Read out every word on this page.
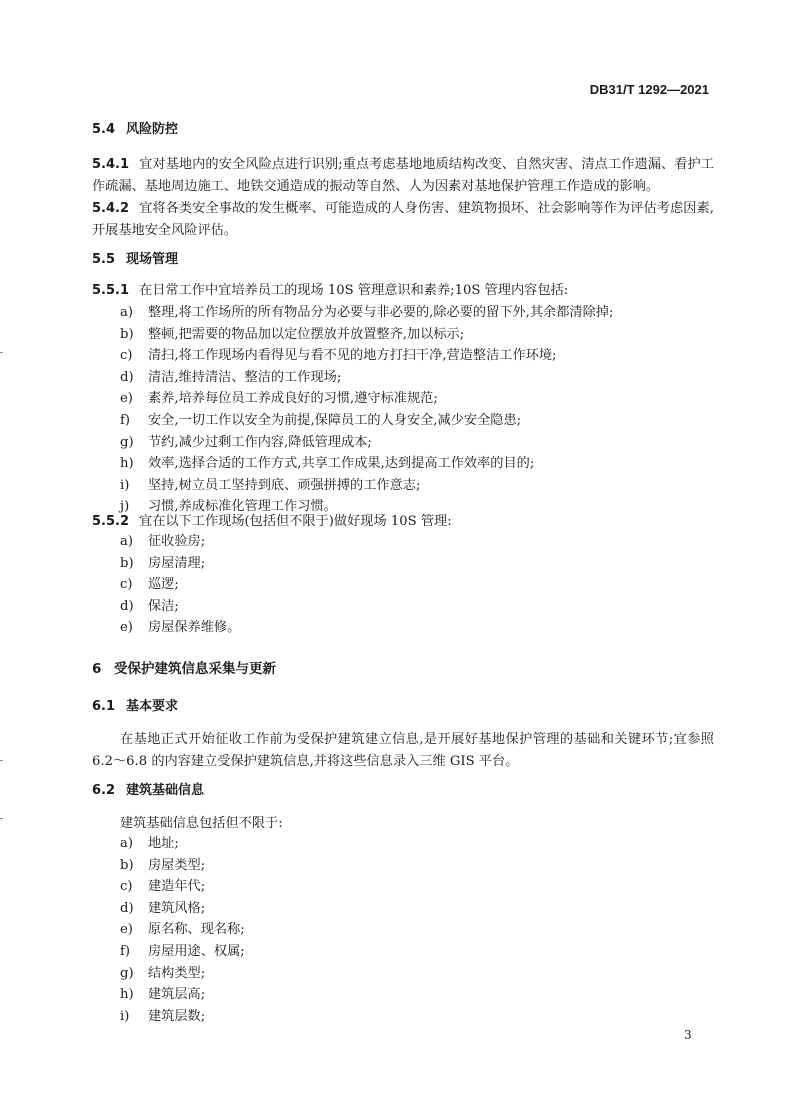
DB31/T 1292—2021
5.4 风险防控
5.4.1 宜对基地内的安全风险点进行识别;重点考虑基地地质结构改变、自然灾害、清点工作遗漏、看护工作疏漏、基地周边施工、地铁交通造成的振动等自然、人为因素对基地保护管理工作造成的影响。
5.4.2 宜将各类安全事故的发生概率、可能造成的人身伤害、建筑物损坏、社会影响等作为评估考虑因素,开展基地安全风险评估。
5.5 现场管理
5.5.1 在日常工作中宜培养员工的现场 10S 管理意识和素养;10S 管理内容包括:
a) 整理,将工作场所的所有物品分为必要与非必要的,除必要的留下外,其余都清除掉;
b) 整顿,把需要的物品加以定位摆放并放置整齐,加以标示;
c) 清扫,将工作现场内看得见与看不见的地方打扫干净,营造整洁工作环境;
d) 清洁,维持清洁、整洁的工作现场;
e) 素养,培养每位员工养成良好的习惯,遵守标准规范;
f) 安全,一切工作以安全为前提,保障员工的人身安全,减少安全隐患;
g) 节约,减少过剩工作内容,降低管理成本;
h) 效率,选择合适的工作方式,共享工作成果,达到提高工作效率的目的;
i) 坚持,树立员工坚持到底、顽强拼搏的工作意志;
j) 习惯,养成标准化管理工作习惯。
5.5.2 宜在以下工作现场(包括但不限于)做好现场 10S 管理:
a) 征收验房;
b) 房屋清理;
c) 巡逻;
d) 保洁;
e) 房屋保养维修。
6 受保护建筑信息采集与更新
6.1 基本要求
在基地正式开始征收工作前为受保护建筑建立信息,是开展好基地保护管理的基础和关键环节;宜参照 6.2～6.8 的内容建立受保护建筑信息,并将这些信息录入三维 GIS 平台。
6.2 建筑基础信息
建筑基础信息包括但不限于:
a) 地址;
b) 房屋类型;
c) 建造年代;
d) 建筑风格;
e) 原名称、现名称;
f) 房屋用途、权属;
g) 结构类型;
h) 建筑层高;
i) 建筑层数;
3
